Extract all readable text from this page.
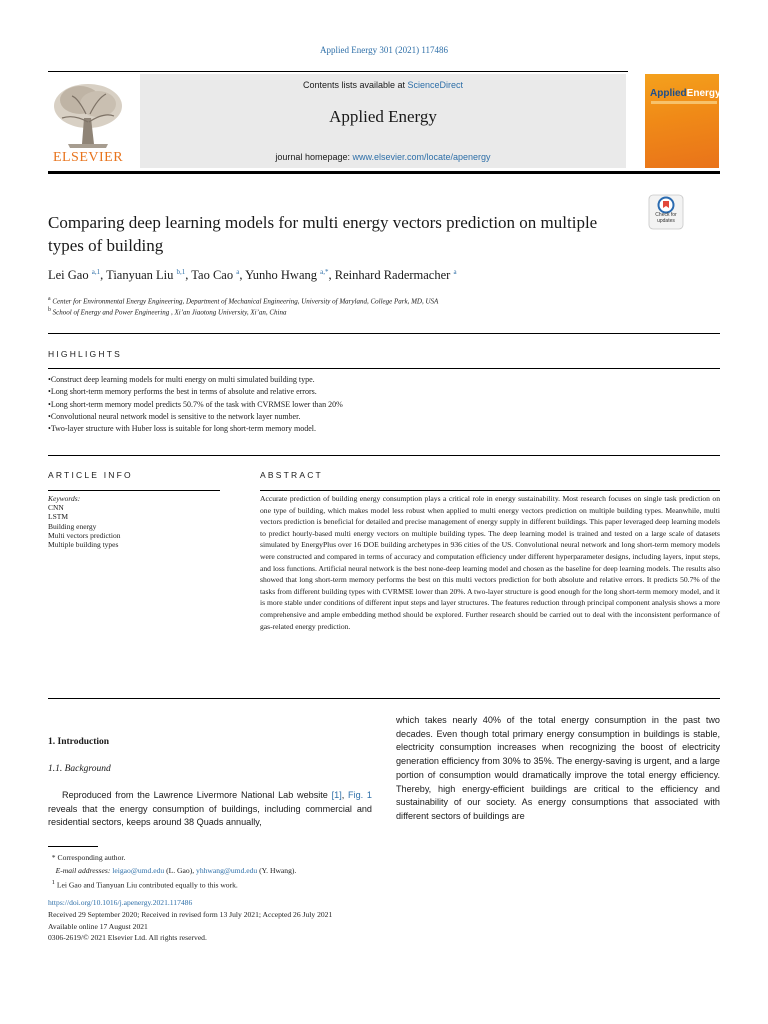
Applied Energy 301 (2021) 117486
ELSEVIER
Contents lists available at ScienceDirect
Applied Energy
journal homepage: www.elsevier.com/locate/apenergy
AppliedEnergy
Comparing deep learning models for multi energy vectors prediction on multiple types of building
Check for updates
Lei Gao $^{a,1}$, Tianyuan Liu $^{b,1}$, Tao Cao $^a$, Yunho Hwang $^{a,*}$, Reinhard Radermacher $^a$
$^a$ Center for Environmental Energy Engineering, Department of Mechanical Engineering, University of Maryland, College Park, MD, USA
$^b$ School of Energy and Power Engineering , Xi’an Jiaotong University, Xi’an, China
HIGHLIGHTS
• Construct deep learning models for multi energy on multi simulated building type.
• Long short-term memory performs the best in terms of absolute and relative errors.
• Long short-term memory model predicts 50.7% of the task with CVRMSE lower than 20%
• Convolutional neural network model is sensitive to the network layer number.
• Two-layer structure with Huber loss is suitable for long short-term memory model.
ARTICLE INFO	ABSTRACT
Keywords:
CNN
LSTM
Building energy
Multi vectors prediction
Multiple building types
Accurate prediction of building energy consumption plays a critical role in energy sustainability. Most research focuses on single task prediction on one type of building, which makes model less robust when applied to multi energy vectors prediction on multiple building types. Meanwhile, multi vectors prediction is beneficial for detailed and precise management of energy supply in different buildings. This paper leveraged deep learning models to predict hourly-based multi energy vectors on multiple building types. The deep learning model is trained and tested on a large scale of datasets simulated by EnergyPlus over 16 DOE building archetypes in 936 cities of the US. Convolutional neural network and long short-term memory models were constructed and compared in terms of accuracy and computation efficiency under different hyperparameter designs, including layers, input steps, and loss functions. Artificial neural network is the best none-deep learning model and chosen as the baseline for deep learning models. The results also showed that long short-term memory performs the best on this multi vectors prediction for both absolute and relative errors. It predicts 50.7% of the tasks from different building types with CVRMSE lower than 20%. A two-layer structure is good enough for the long short-term memory model, and it is more stable under conditions of different input steps and layer structures. The features reduction through principal component analysis shows a more comprehensive and ample embedding method should be explored. Further research should be carried out to deal with the inconsistent performance of gas-related energy prediction.
1. Introduction
1.1. Background
Reproduced from the Lawrence Livermore National Lab website [1], Fig. 1 reveals that the energy consumption of buildings, including commercial and residential sectors, keeps around 38 Quads annually,
which takes nearly 40% of the total energy consumption in the past two decades. Even though total primary energy consumption in buildings is stable, electricity consumption increases when recognizing the boost of electricity generation efficiency from 30% to 35%. The energy-saving is urgent, and a large portion of consumption would dramatically improve the total energy efficiency. Thereby, high energy-efficient buildings are critical to the efficiency and sustainability of our society. As energy consumptions that associated with different sectors of buildings are
* Corresponding author.
E-mail addresses: leigao@umd.edu (L. Gao), yhhwang@umd.edu (Y. Hwang).
$^1$ Lei Gao and Tianyuan Liu contributed equally to this work.
https://doi.org/10.1016/j.apenergy.2021.117486
Received 29 September 2020; Received in revised form 13 July 2021; Accepted 26 July 2021
Available online 17 August 2021
0306-2619/© 2021 Elsevier Ltd. All rights reserved.
